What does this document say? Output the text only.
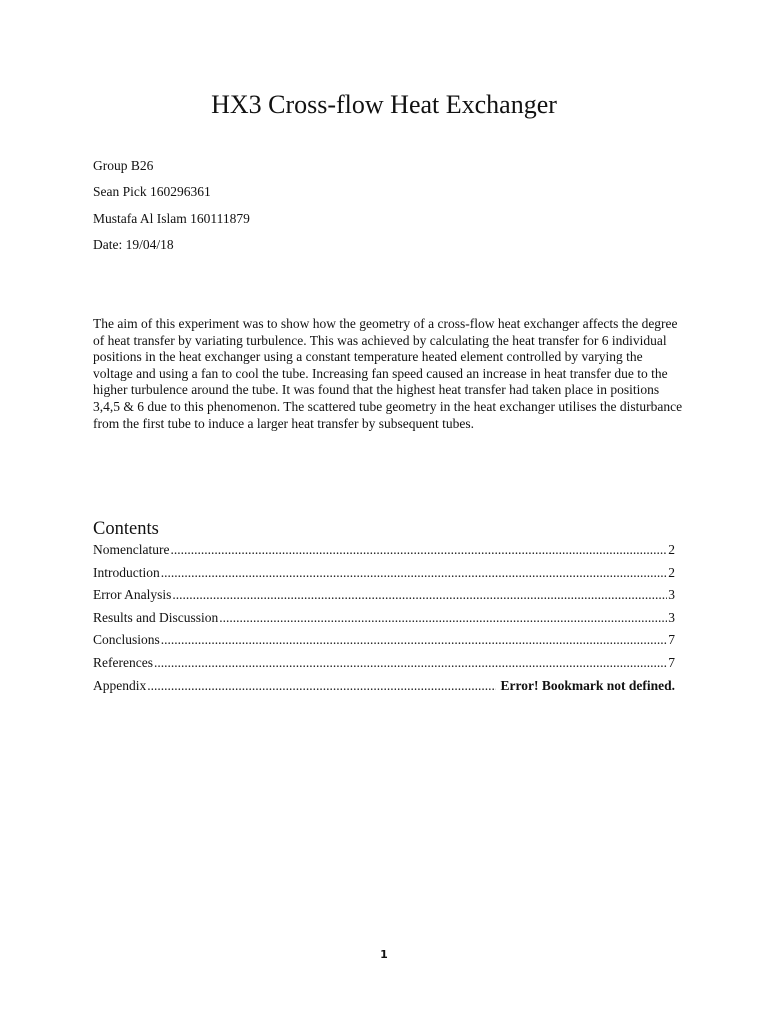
HX3 Cross-flow Heat Exchanger
Group B26
Sean Pick 160296361
Mustafa Al Islam 160111879
Date: 19/04/18

The aim of this experiment was to show how the geometry of a cross-flow heat exchanger affects the degree of heat transfer by variating turbulence. This was achieved by calculating the heat transfer for 6 individual positions in the heat exchanger using a constant temperature heated element controlled by varying the voltage and using a fan to cool the tube. Increasing fan speed caused an increase in heat transfer due to the higher turbulence around the tube. It was found that the highest heat transfer had taken place in positions 3,4,5 & 6 due to this phenomenon. The scattered tube geometry in the heat exchanger utilises the disturbance from the first tube to induce a larger heat transfer by subsequent tubes.

Contents
Nomenclature .....	2
Introduction .....	2
Error Analysis .....	3
Results and Discussion .....	3
Conclusions .....	7
References .....	7
Appendix .....	Error! Bookmark not defined.
1
